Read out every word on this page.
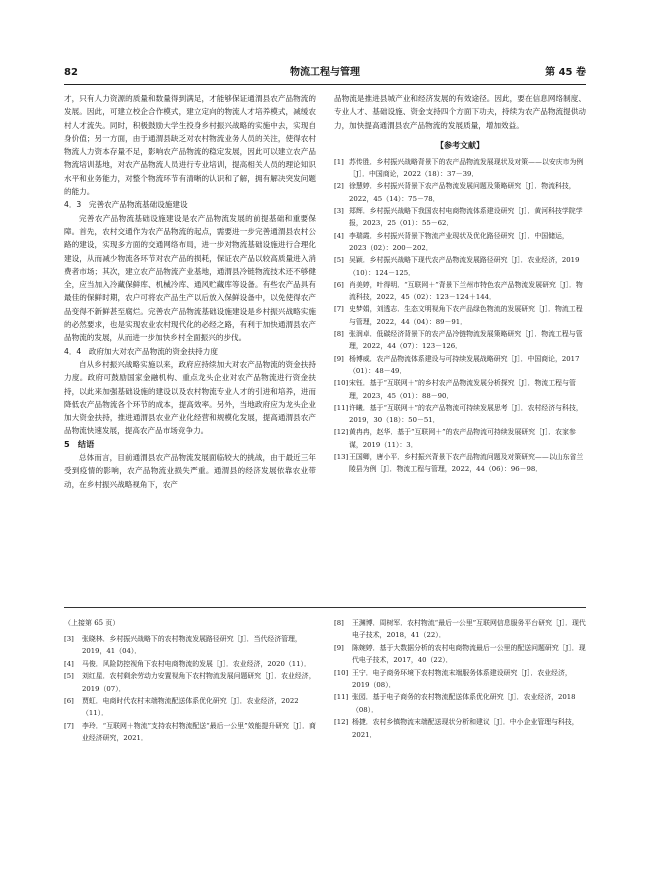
82	物流工程与管理	第 45 卷

才，只有人力资源的质量和数量得到满足，才能够保证通渭县农产品物流的发展。因此，可建立校企合作模式，建立定向的物流人才培养模式，减缓农村人才流失。同时，积极鼓励大学生投身乡村振兴战略的实施中去，实现自身价值；另一方面，由于通渭县缺乏对农村物流业务人员的关注，使得农村物流人力资本存量不足，影响农产品物流的稳定发展，因此可以建立农产品物流培训基地，对农产品物流人员进行专业培训，提高相关人员的理论知识水平和业务能力，对整个物流环节有清晰的认识和了解，拥有解决突发问题的能力。

4．3　完善农产品物流基础设施建设

完善农产品物流基础设施建设是农产品物流发展的前提基础和重要保障。首先，农村交通作为农产品物流的起点，需要进一步完善通渭县农村公路的建设，实现多方面的交通网络布局，进一步对物流基础设施进行合理化建设，从而减少物流各环节对农产品的损耗，保证农产品以较高质量进入消费者市场；其次，建立农产品物流产业基地，通渭县冷链物流技术还不够健全，应当加入冷藏保鲜库、机械冷库、通风贮藏库等设备。有些农产品具有最佳的保鲜时期，农户可将农产品生产以后放入保鲜设备中，以免使得农产品变得不新鲜甚至腐烂。完善农产品物流基础设施建设是乡村振兴战略实施的必然要求，也是实现农业农村现代化的必经之路，有利于加快通渭县农产品物流的发展，从而进一步加快乡村全面振兴的步伐。

4．4　政府加大对农产品物流的资金扶持力度

自从乡村振兴战略实施以来，政府应持续加大对农产品物流的资金扶持力度。政府可鼓励国家金融机构、重点龙头企业对农产品物流进行资金扶持，以此来加强基础设施的建设以及农村物流专业人才的引进和培养，进而降低农产品物流各个环节的成本，提高效率。另外，当地政府应为龙头企业加大资金扶持，推进通渭县农业产业化经营和规模化发展，提高通渭县农产品物流快速发展，提高农产品市场竞争力。

5　结语

总体而言，目前通渭县农产品物流发展面临较大的挑战，由于最近三年受到疫情的影响，农产品物流业损失严重。通渭县的经济发展依靠农业带动，在乡村振兴战略视角下，农产

品物流是推进县城产业和经济发展的有效途径。因此，要在信息网络制度、专业人才、基础设施、资金支持四个方面下功夫，持续为农产品物流提供动力，加快提高通渭县农产品物流的发展质量，增加效益。

【参考文献】
[1] 苏传胜．乡村振兴战略背景下的农产品物流发展现状及对策——以安庆市为例［J］．中国商论，2022（18）：37－39．
[2] 徐慧婷．乡村振兴背景下农产品物流发展问题及策略研究［J］．物流科技，2022，45（14）：75－78．
[3] 郑辉．乡村振兴战略下我国农村电商物流体系建设研究［J］．黄河科技学院学报，2023，25（01）：55－62．
[4] 李瑞霞．乡村振兴背景下物流产业现状及优化路径研究［J］．中国储运，2023（02）：200－202．
[5] 吴颖．乡村振兴战略下现代农产品物流发展路径研究［J］．农业经济，2019（10）：124－125．
[6] 肖美婷，叶得明．“互联网＋”背景下兰州市特色农产品物流发展研究［J］．物流科技，2022，45（02）：123－124＋144．
[7] 史梦娟，刘透志．生态文明视角下农产品绿色物流的发展研究［J］．物流工程与管理，2022，44（04）：89－91．
[8] 张润卓．低碳经济背景下的农产品冷链物流发展策略研究［J］．物流工程与管理，2022，44（07）：123－126．
[9] 杨博威．农产品物流体系建设与可持续发展战略研究［J］．中国商论，2017（01）：48－49．
[10] 宋钰．基于“互联网＋”的乡村农产品物流发展分析探究［J］．物流工程与管理，2023，45（01）：88－90．
[11] 许曦．基于“互联网＋”的农产品物流可持续发展思考［J］．农村经济与科技，2019，30（18）：50－51．
[12] 黄冉冉，赵华．基于“互联网＋”的农产品物流可持续发展研究［J］．农家参谋，2019（11）：3．
[13] 王国卿，唐小平．乡村振兴背景下农产品物流问题及对策研究——以山东省兰陵县为例［J］．物流工程与管理，2022，44（06）：96－98．
（上接第 65 页）
[3]	张晓林．乡村振兴战略下的农村物流发展路径研究［J］．当代经济管理，2019，41（04）．
[4]	马俊．风险防控视角下农村电商物流的发展［J］．农业经济，2020（11）．
[5]	刘红星．农村剩余劳动力安置视角下农村物流发展问题研究［J］．农业经济，2019（07）．
[6]	贾虹．电商时代农村末端物流配送体系优化研究［J］．农业经济，2022（11）．
[7]	李玲．“互联网＋物流”支持农村物流配送“最后一公里”效能提升研究［J］．商业经济研究，2021．
[8]	王渊博．周树军．农村物流“最后一公里”互联网信息服务平台研究［J］．现代电子技术，2018，41（22）．
[9]	陈婉婷．基于大数据分析的农村电商物流最后一公里的配送问题研究［J］．现代电子技术，2017，40（22）．
[10] 王宁．电子商务环境下农村物流末端服务体系建设研究［J］．农业经济，2019（08）．
[11] 张园．基于电子商务的农村物流配送体系优化研究［J］．农业经济，2018（08）．
[12] 杨捷．农村乡镇物流末端配送现状分析和建议［J］．中小企业管理与科技，2021．
